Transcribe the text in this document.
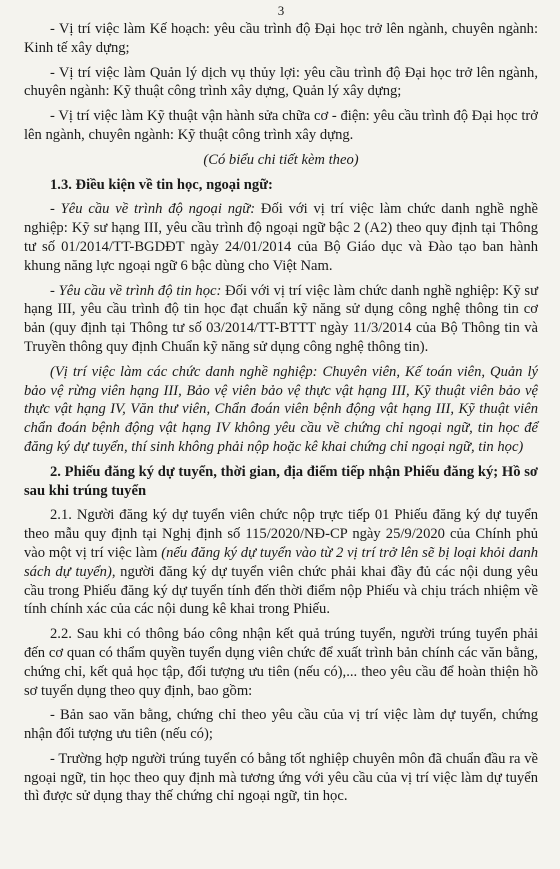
3

- Vị trí việc làm Kế hoạch: yêu cầu trình độ Đại học trở lên ngành, chuyên ngành: Kinh tế xây dựng;

- Vị trí việc làm Quản lý dịch vụ thủy lợi: yêu cầu trình độ Đại học trở lên ngành, chuyên ngành: Kỹ thuật công trình xây dựng, Quản lý xây dựng;

- Vị trí việc làm Kỹ thuật vận hành sửa chữa cơ - điện: yêu cầu trình độ Đại học trở lên ngành, chuyên ngành: Kỹ thuật công trình xây dựng.

(Có biểu chi tiết kèm theo)

1.3. Điều kiện về tin học, ngoại ngữ:

- Yêu cầu về trình độ ngoại ngữ: Đối với vị trí việc làm chức danh nghề nghề nghiệp: Kỹ sư hạng III, yêu cầu trình độ ngoại ngữ bậc 2 (A2) theo quy định tại Thông tư số 01/2014/TT-BGDĐT ngày 24/01/2014 của Bộ Giáo dục và Đào tạo ban hành khung năng lực ngoại ngữ 6 bậc dùng cho Việt Nam.

- Yêu cầu về trình độ tin học: Đối với vị trí việc làm chức danh nghề nghiệp: Kỹ sư hạng III, yêu cầu trình độ tin học đạt chuẩn kỹ năng sử dụng công nghệ thông tin cơ bản (quy định tại Thông tư số 03/2014/TT-BTTT ngày 11/3/2014 của Bộ Thông tin và Truyền thông quy định Chuẩn kỹ năng sử dụng công nghệ thông tin).

(Vị trí việc làm các chức danh nghề nghiệp: Chuyên viên, Kế toán viên, Quản lý bảo vệ rừng viên hạng III, Bảo vệ viên bảo vệ thực vật hạng III, Kỹ thuật viên bảo vệ thực vật hạng IV, Văn thư viên, Chẩn đoán viên bệnh động vật hạng III, Kỹ thuật viên chẩn đoán bệnh động vật hạng IV không yêu cầu về chứng chỉ ngoại ngữ, tin học để đăng ký dự tuyển, thí sinh không phải nộp hoặc kê khai chứng chỉ ngoại ngữ, tin học)

2. Phiếu đăng ký dự tuyển, thời gian, địa điểm tiếp nhận Phiếu đăng ký; Hồ sơ sau khi trúng tuyển

2.1. Người đăng ký dự tuyển viên chức nộp trực tiếp 01 Phiếu đăng ký dự tuyển theo mẫu quy định tại Nghị định số 115/2020/NĐ-CP ngày 25/9/2020 của Chính phủ vào một vị trí việc làm (nếu đăng ký dự tuyển vào từ 2 vị trí trở lên sẽ bị loại khỏi danh sách dự tuyển), người đăng ký dự tuyển viên chức phải khai đầy đủ các nội dung yêu cầu trong Phiếu đăng ký dự tuyển tính đến thời điểm nộp Phiếu và chịu trách nhiệm về tính chính xác của các nội dung kê khai trong Phiếu.

2.2. Sau khi có thông báo công nhận kết quả trúng tuyển, người trúng tuyển phải đến cơ quan có thẩm quyền tuyển dụng viên chức để xuất trình bản chính các văn bằng, chứng chỉ, kết quả học tập, đối tượng ưu tiên (nếu có),... theo yêu cầu để hoàn thiện hồ sơ tuyển dụng theo quy định, bao gồm:

- Bản sao văn bằng, chứng chỉ theo yêu cầu của vị trí việc làm dự tuyển, chứng nhận đối tượng ưu tiên (nếu có);

- Trường hợp người trúng tuyển có bằng tốt nghiệp chuyên môn đã chuẩn đầu ra về ngoại ngữ, tin học theo quy định mà tương ứng với yêu cầu của vị trí việc làm dự tuyển thì được sử dụng thay thế chứng chỉ ngoại ngữ, tin học.
